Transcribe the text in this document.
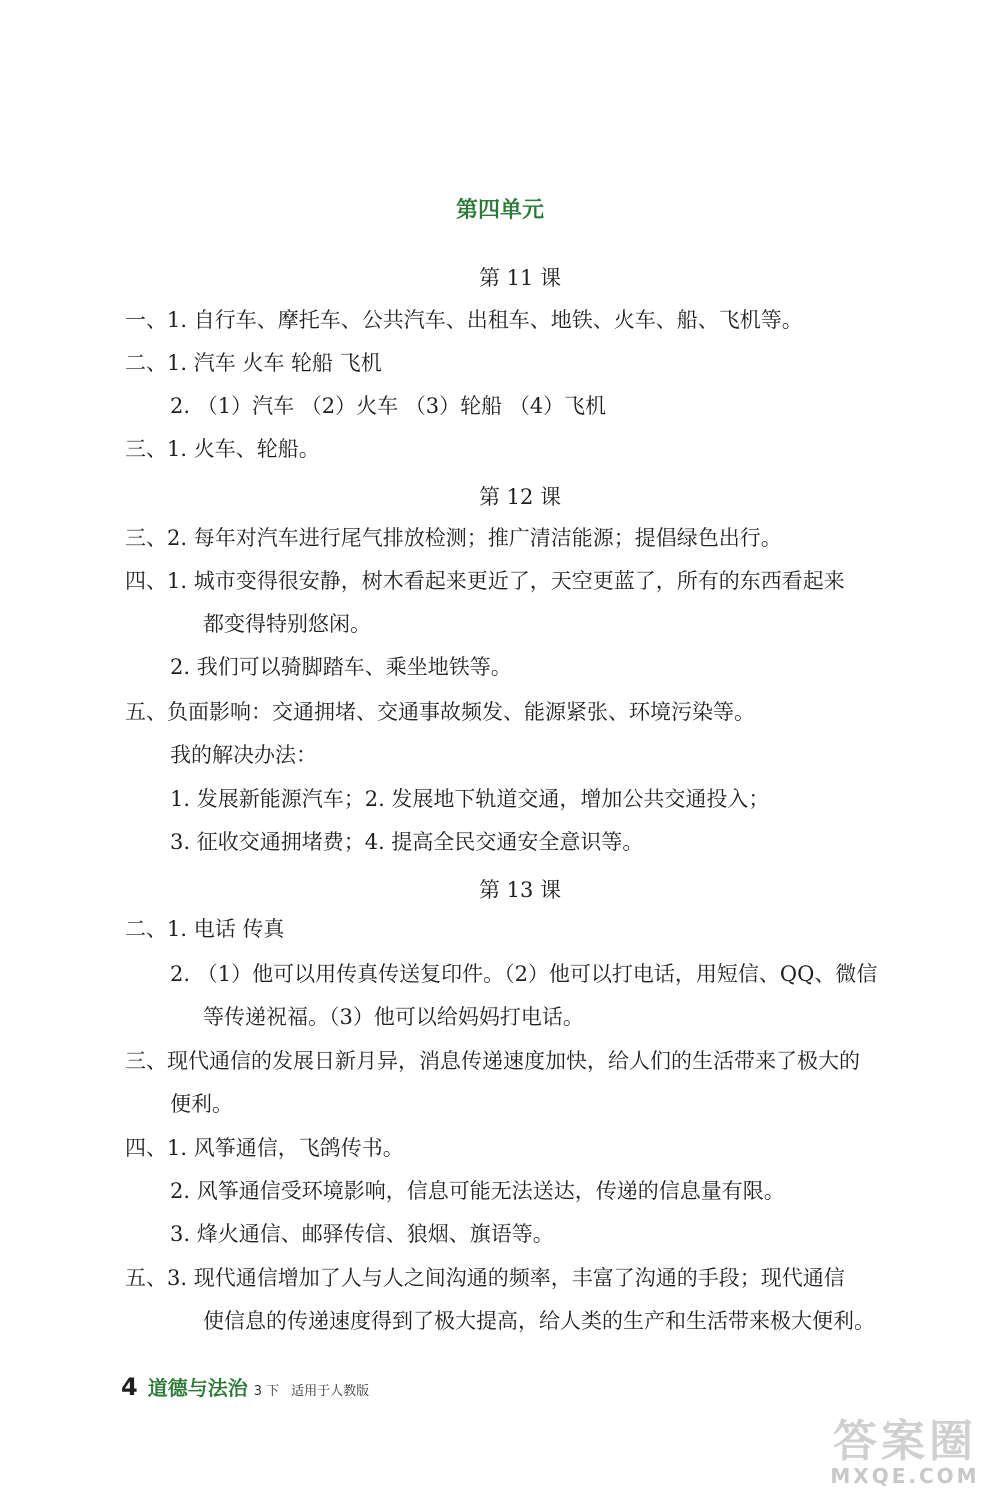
第四单元
第 11 课
一、1. 自行车、摩托车、公共汽车、出租车、地铁、火车、船、飞机等。
二、1. 汽车 火车 轮船 飞机
2. （1）汽车 （2）火车 （3）轮船 （4）飞机
三、1. 火车、轮船。
第 12 课
三、2. 每年对汽车进行尾气排放检测；推广清洁能源；提倡绿色出行。
四、1. 城市变得很安静，树木看起来更近了，天空更蓝了，所有的东西看起来
都变得特别悠闲。
2. 我们可以骑脚踏车、乘坐地铁等。
五、负面影响：交通拥堵、交通事故频发、能源紧张、环境污染等。
我的解决办法：
1. 发展新能源汽车；2. 发展地下轨道交通，增加公共交通投入；
3. 征收交通拥堵费；4. 提高全民交通安全意识等。
第 13 课
二、1. 电话 传真
2. （1）他可以用传真传送复印件。（2）他可以打电话，用短信、QQ、微信
等传递祝福。（3）他可以给妈妈打电话。
三、现代通信的发展日新月异，消息传递速度加快，给人们的生活带来了极大的
便利。
四、1. 风筝通信，飞鸽传书。
2. 风筝通信受环境影响，信息可能无法送达，传递的信息量有限。
3. 烽火通信、邮驿传信、狼烟、旗语等。
五、3. 现代通信增加了人与人之间沟通的频率，丰富了沟通的手段；现代通信
使信息的传递速度得到了极大提高，给人类的生产和生活带来极大便利。
4 道德与法治 3 下 适用于人教版
答案圈
MXQE.COM
